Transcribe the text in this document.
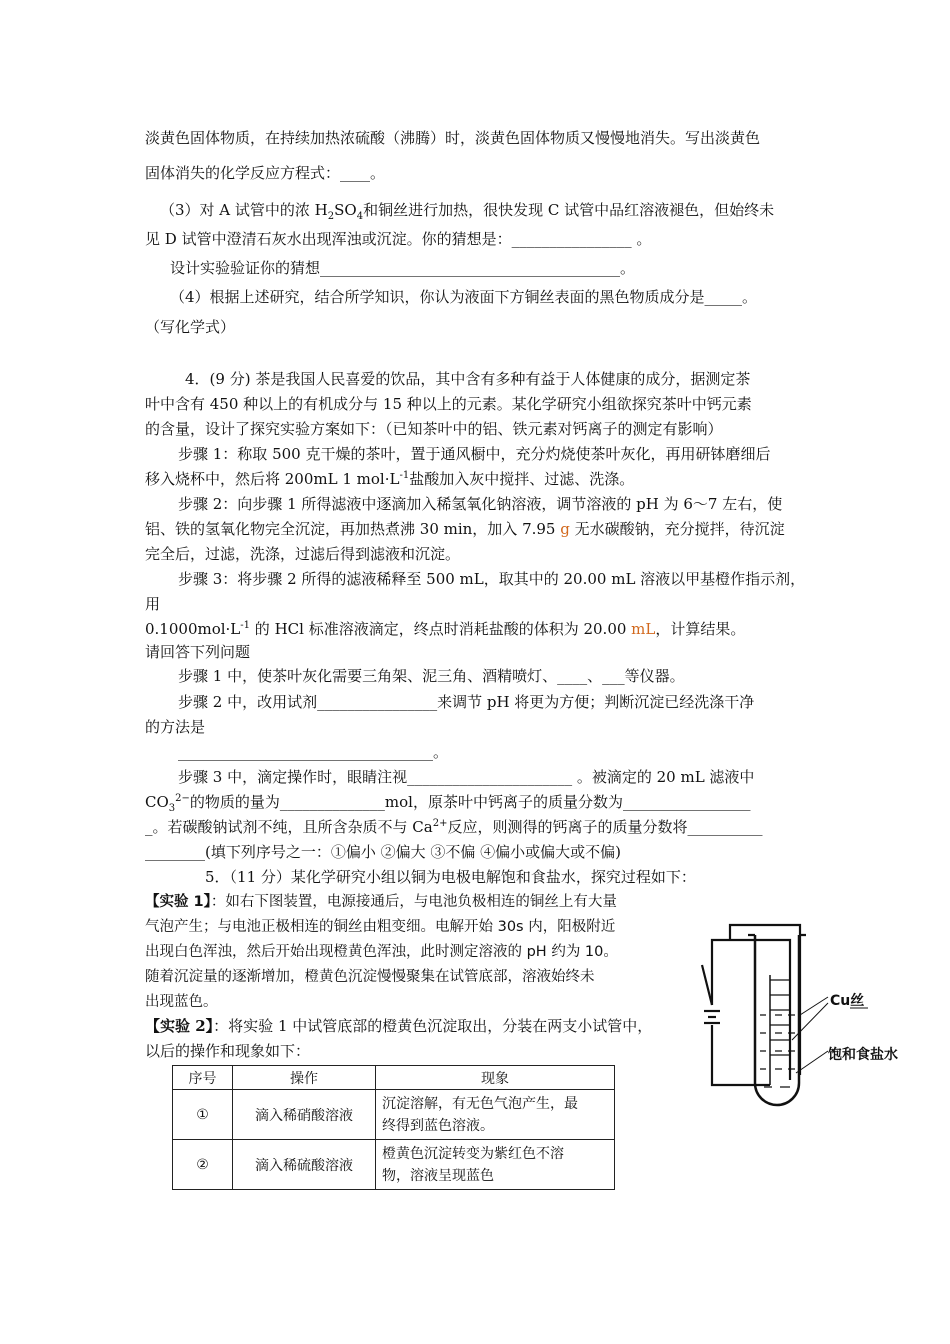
淡黄色固体物质，在持续加热浓硫酸（沸腾）时，淡黄色固体物质又慢慢地消失。写出淡黄色
固体消失的化学反应方程式：____。
（3）对 A 试管中的浓 $H_2SO_4$和铜丝进行加热，很快发现 C 试管中品红溶液褪色，但始终未
见 D 试管中澄清石灰水出现浑浊或沉淀。你的猜想是：________________ 。
设计实验验证你的猜想________________________________________。
（4）根据上述研究，结合所学知识，你认为液面下方铜丝表面的黑色物质成分是_____。
（写化学式）
4．(9 分) 茶是我国人民喜爱的饮品，其中含有多种有益于人体健康的成分，据测定茶
叶中含有 450 种以上的有机成分与 15 种以上的元素。某化学研究小组欲探究茶叶中钙元素
的含量，设计了探究实验方案如下：（已知茶叶中的铝、铁元素对钙离子的测定有影响）
步骤 1：称取 500 克干燥的茶叶，置于通风橱中，充分灼烧使茶叶灰化，再用研钵磨细后
移入烧杯中，然后将 200mL 1 $mol\cdot L^{-1}$盐酸加入灰中搅拌、过滤、洗涤。
步骤 2：向步骤 1 所得滤液中逐滴加入稀氢氧化钠溶液，调节溶液的 pH 为 6～7 左右，使
铝、铁的氢氧化物完全沉淀，再加热煮沸 30 min，加入 7.95 g 无水碳酸钠，充分搅拌，待沉淀
完全后，过滤，洗涤，过滤后得到滤液和沉淀。
步骤 3：将步骤 2 所得的滤液稀释至 500 mL，取其中的 20.00 mL 溶液以甲基橙作指示剂，
用
$0.1000mol\cdot L^{-1}$ 的 HCl 标准溶液滴定，终点时消耗盐酸的体积为 20.00 mL，计算结果。
请回答下列问题
步骤 1 中，使茶叶灰化需要三角架、泥三角、酒精喷灯、____、___等仪器。
步骤 2 中，改用试剂________________来调节 pH 将更为方便；判断沉淀已经洗涤干净
的方法是
__________________________________。
步骤 3 中，滴定操作时，眼睛注视______________________ 。被滴定的 20 mL 滤液中
$CO_3^{2-}$的物质的量为______________mol，原茶叶中钙离子的质量分数为_________________
_。若碳酸钠试剂不纯，且所含杂质不与 $Ca^{2+}$反应，则测得的钙离子的质量分数将__________
________(填下列序号之一：①偏小 ②偏大 ③不偏 ④偏小或偏大或不偏)
5．（11 分）某化学研究小组以铜为电极电解饱和食盐水，探究过程如下：
【实验 1】：如右下图装置，电源接通后，与电池负极相连的铜丝上有大量
气泡产生；与电池正极相连的铜丝由粗变细。电解开始 30s 内，阳极附近
出现白色浑浊，然后开始出现橙黄色浑浊，此时测定溶液的 pH 约为 10。
随着沉淀量的逐渐增加，橙黄色沉淀慢慢聚集在试管底部，溶液始终未
出现蓝色。
【实验 2】：将实验 1 中试管底部的橙黄色沉淀取出，分装在两支小试管中，
以后的操作和现象如下：
序号	操作	现象
①	滴入稀硝酸溶液	沉淀溶解，有无色气泡产生，最
终得到蓝色溶液。
②	滴入稀硫酸溶液	橙黄色沉淀转变为紫红色不溶
物，溶液呈现蓝色
Cu丝
饱和食盐水
